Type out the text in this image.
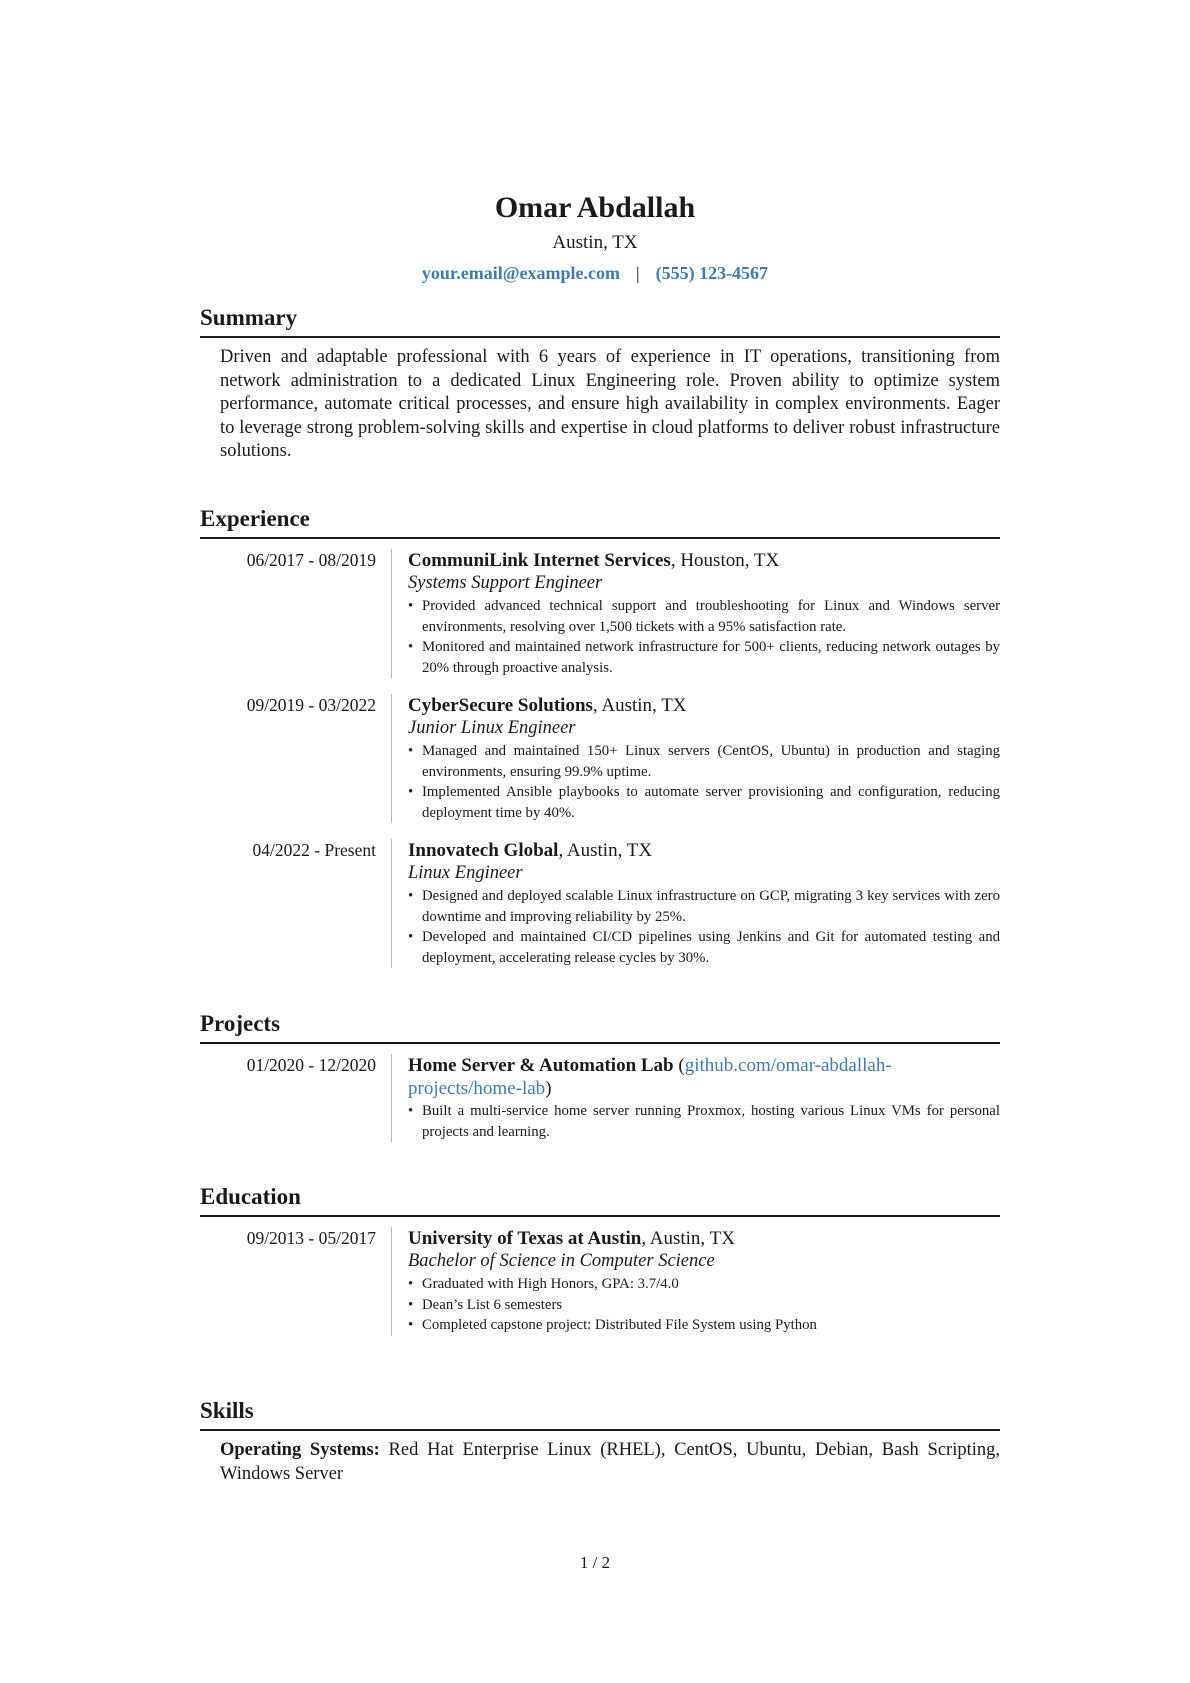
Omar Abdallah
Austin, TX
your.email@example.com | (555) 123-4567
Summary
Driven and adaptable professional with 6 years of experience in IT operations, transitioning from network administration to a dedicated Linux Engineering role. Proven ability to optimize system performance, automate critical processes, and ensure high availability in complex environments. Eager to leverage strong problem-solving skills and expertise in cloud platforms to deliver robust infrastructure solutions.
Experience
06/2017 - 08/2019 CommuniLink Internet Services, Houston, TX
Systems Support Engineer
• Provided advanced technical support and troubleshooting for Linux and Windows server environments, resolving over 1,500 tickets with a 95% satisfaction rate.
• Monitored and maintained network infrastructure for 500+ clients, reducing network outages by 20% through proactive analysis.
09/2019 - 03/2022 CyberSecure Solutions, Austin, TX
Junior Linux Engineer
• Managed and maintained 150+ Linux servers (CentOS, Ubuntu) in production and staging environments, ensuring 99.9% uptime.
• Implemented Ansible playbooks to automate server provisioning and configuration, reducing deployment time by 40%.
04/2022 - Present Innovatech Global, Austin, TX
Linux Engineer
• Designed and deployed scalable Linux infrastructure on GCP, migrating 3 key services with zero downtime and improving reliability by 25%.
• Developed and maintained CI/CD pipelines using Jenkins and Git for automated testing and deployment, accelerating release cycles by 30%.
Projects
01/2020 - 12/2020 Home Server & Automation Lab (github.com/omar-abdallah-projects/home-lab)
• Built a multi-service home server running Proxmox, hosting various Linux VMs for personal projects and learning.
Education
09/2013 - 05/2017 University of Texas at Austin, Austin, TX
Bachelor of Science in Computer Science
• Graduated with High Honors, GPA: 3.7/4.0
• Dean’s List 6 semesters
• Completed capstone project: Distributed File System using Python
Skills
Operating Systems: Red Hat Enterprise Linux (RHEL), CentOS, Ubuntu, Debian, Bash Scripting, Windows Server
1 / 2
